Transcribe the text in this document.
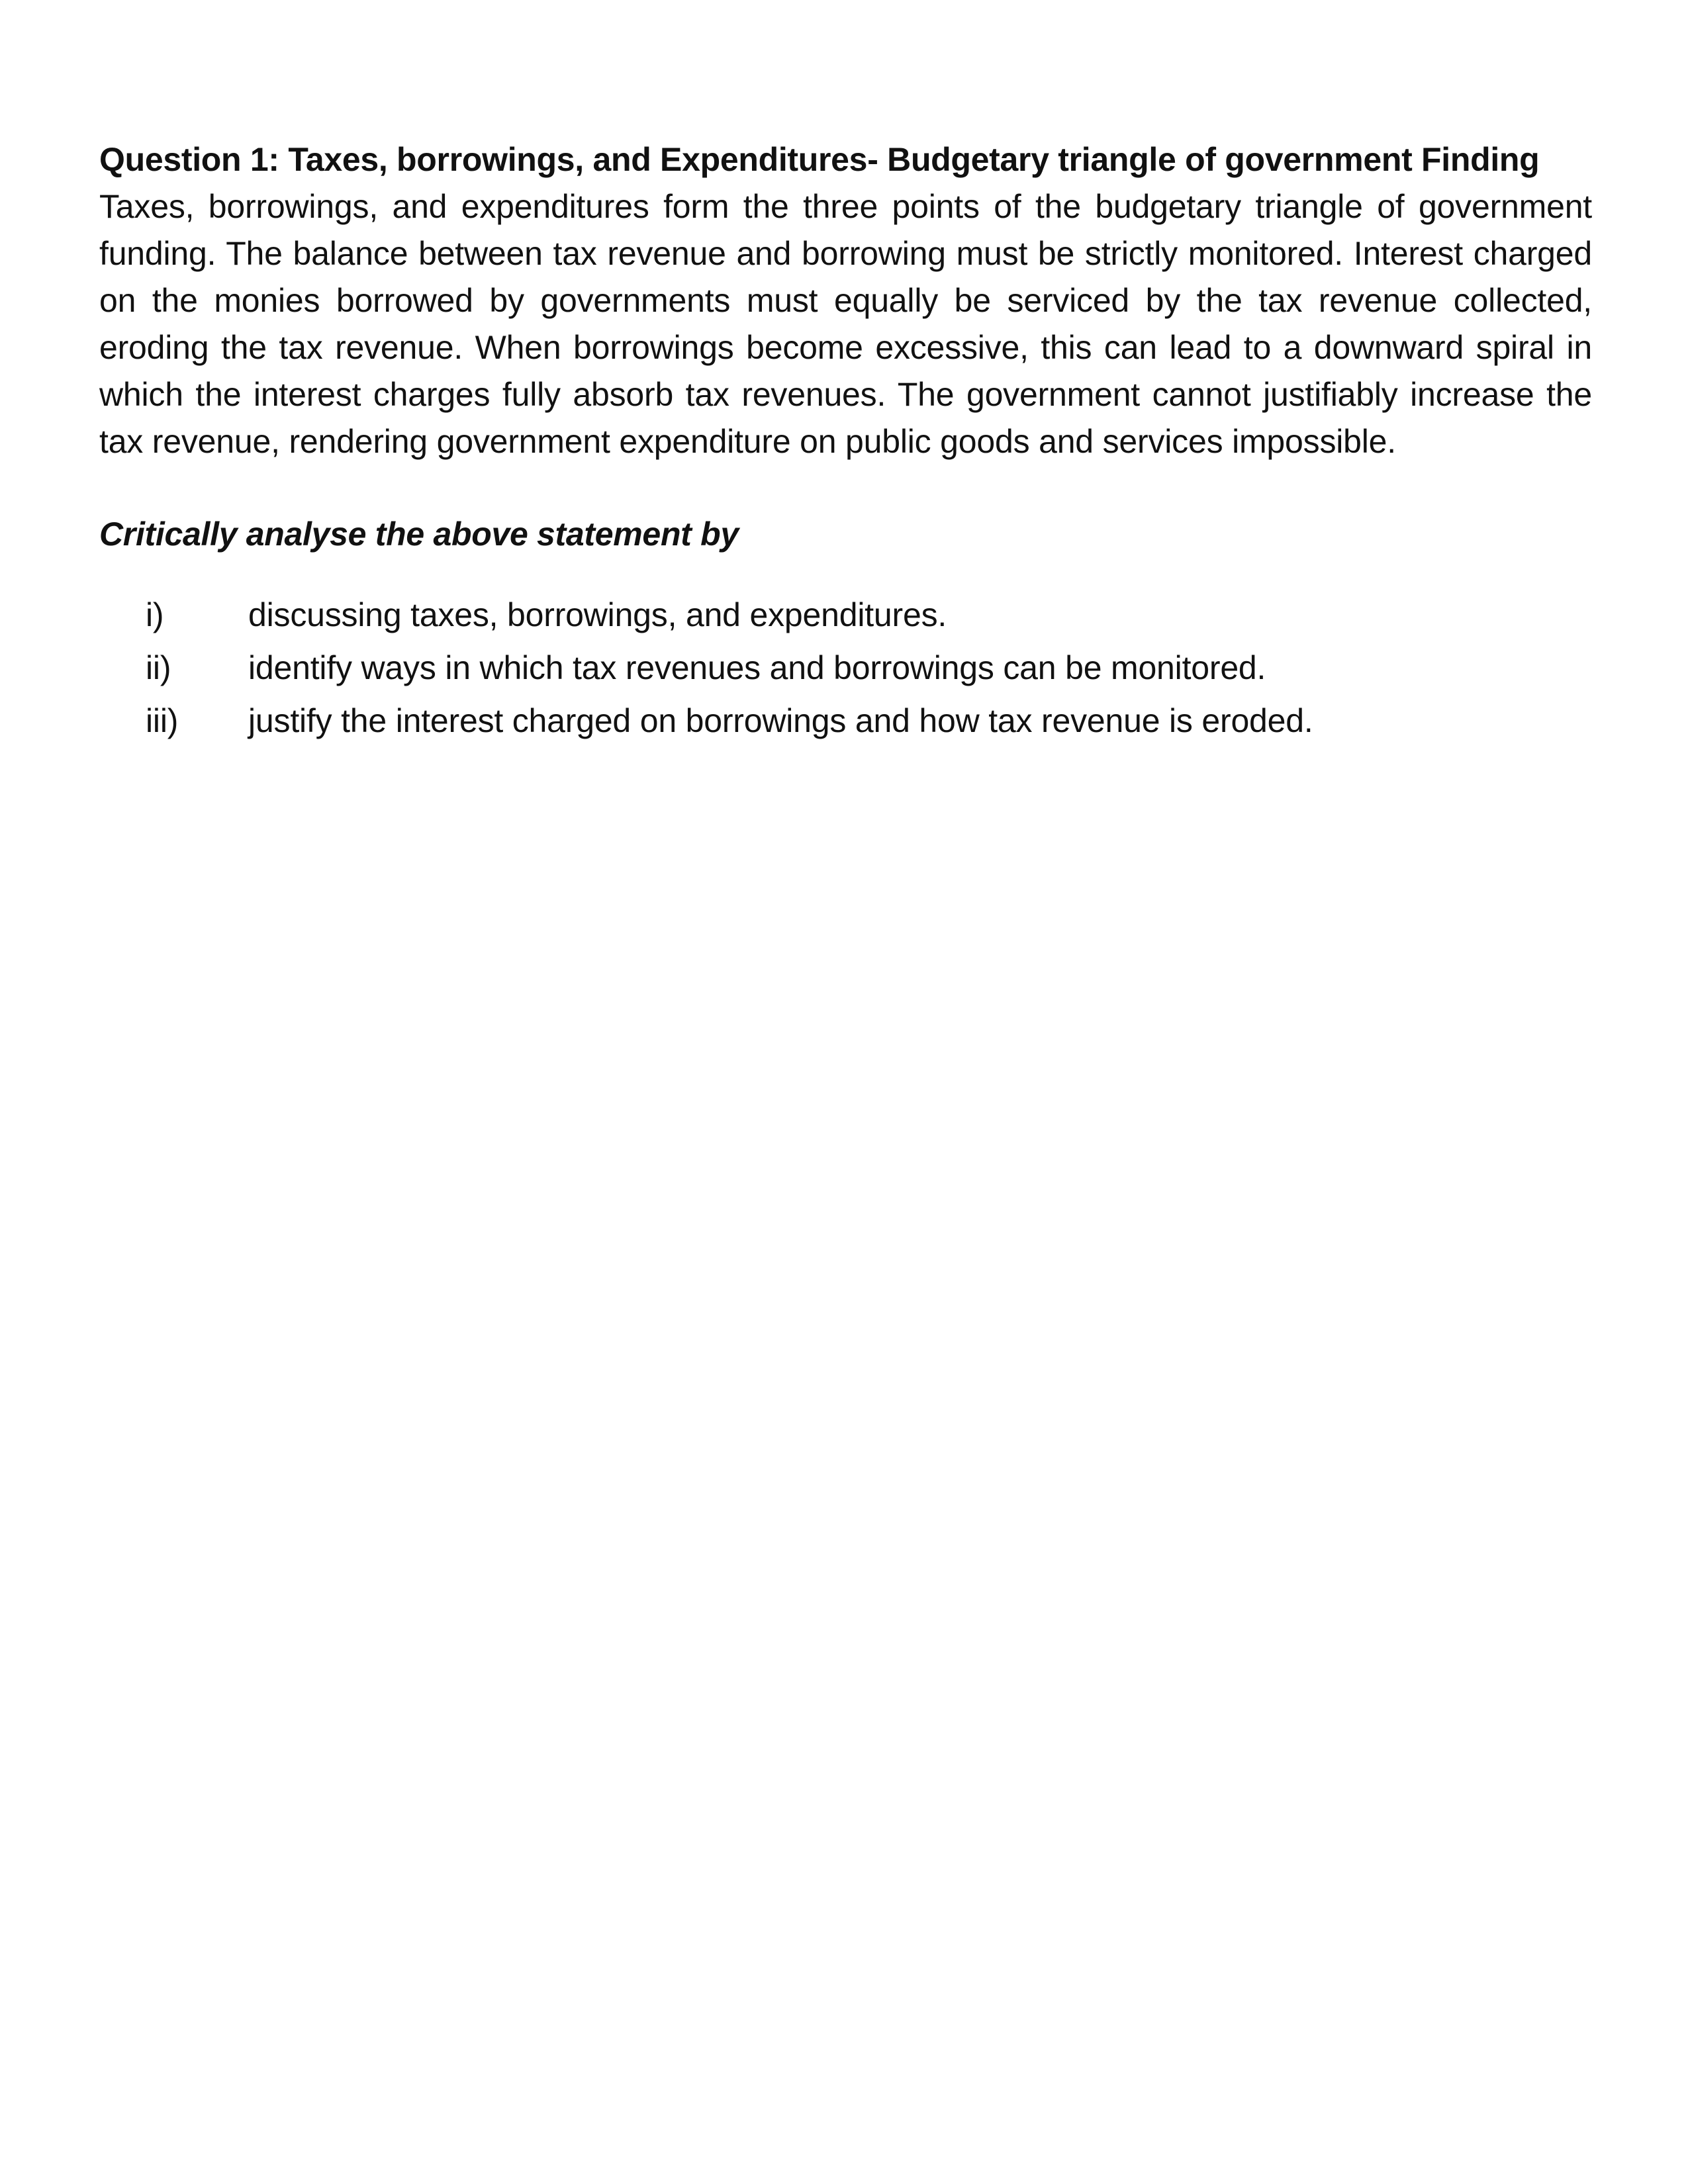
Question 1: Taxes, borrowings, and Expenditures- Budgetary triangle of government Finding

Taxes, borrowings, and expenditures form the three points of the budgetary triangle of government funding. The balance between tax revenue and borrowing must be strictly monitored. Interest charged on the monies borrowed by governments must equally be serviced by the tax revenue collected, eroding the tax revenue. When borrowings become excessive, this can lead to a downward spiral in which the interest charges fully absorb tax revenues. The government cannot justifiably increase the tax revenue, rendering government expenditure on public goods and services impossible.

Critically analyse the above statement by

i)	discussing taxes, borrowings, and expenditures.
ii)	identify ways in which tax revenues and borrowings can be monitored.
iii)	justify the interest charged on borrowings and how tax revenue is eroded.
